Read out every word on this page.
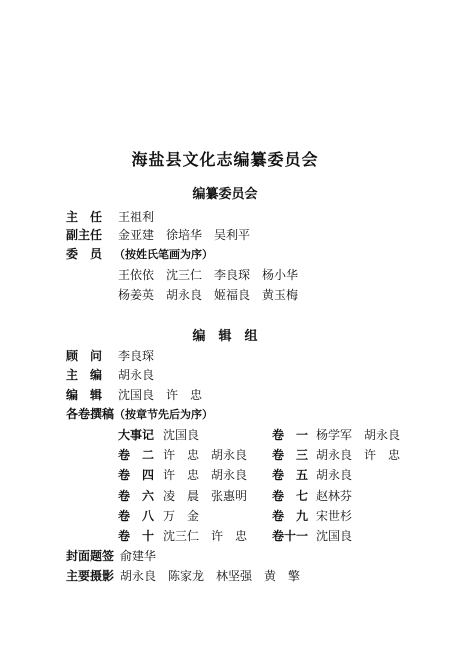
海盐县文化志编纂委员会
编纂委员会
主　任 王祖利
副主任 金亚建　徐培华　吴利平
委　员 （按姓氏笔画为序）
王依依　沈三仁　李良琛　杨小华
杨姜英　胡永良　姬福良　黄玉梅
编　辑　组
顾　问 李良琛
主　编 胡永良
编　辑 沈国良　许　忠
各卷撰稿 （按章节先后为序）
大事记 沈国良
卷　二 许　忠　胡永良
卷　四 许　忠　胡永良
卷　六 凌　晨　张惠明
卷　八 万　金
卷　十 沈三仁　许　忠
卷　一 杨学军　胡永良
卷　三 胡永良　许　忠
卷　五 胡永良
卷　七 赵林芬
卷　九 宋世杉
卷十一 沈国良
封面题签 俞建华
主要摄影 胡永良　陈家龙　林坚强　黄　擎
